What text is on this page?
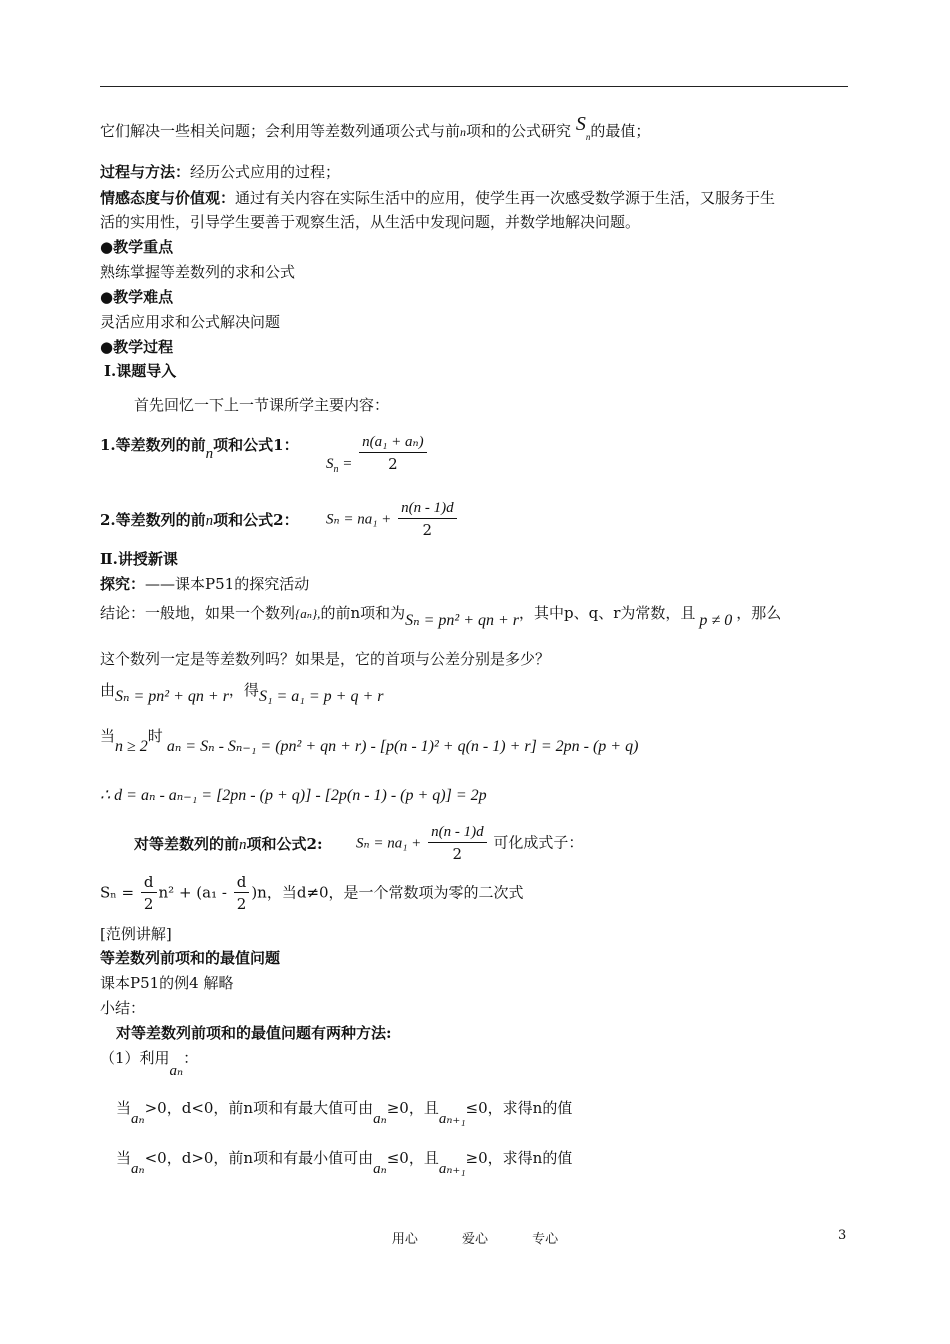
它们解决一些相关问题；会利用等差数列通项公式与前n项和的公式研究 $S_n$的最值；
过程与方法：经历公式应用的过程；
情感态度与价值观：通过有关内容在实际生活中的应用，使学生再一次感受数学源于生活，又服务于生
活的实用性，引导学生要善于观察生活，从生活中发现问题，并数学地解决问题。
●教学重点
熟练掌握等差数列的求和公式
●教学难点
灵活应用求和公式解决问题
●教学过程
Ⅰ.课题导入
首先回忆一下上一节课所学主要内容：
1.等差数列的前n项和公式1：
$S_n = \frac{\text{n(a₁ + aₙ)}}{2}$
2.等差数列的前n项和公式2： $S_n = na_1 + \frac{n(n - 1)d}{2}$
Ⅱ.讲授新课
探究：——课本P51的探究活动
结论：一般地，如果一个数列{aₙ},的前n项和为Sₙ = pn² + qn + r，其中p、q、r为常数，且 p ≠ 0 ，那么
这个数列一定是等差数列吗？如果是，它的首项与公差分别是多少？
由Sₙ = pn² + qn + r，得S₁ = a₁ = p + q + r
当n ≥ 2时aₙ = Sₙ - Sₙ₋₁ = (pn² + qn + r) - [p(n - 1)² + q(n - 1) + r] = 2pn - (p + q)
∴ d = aₙ - aₙ₋₁ = [2pn - (p + q)] - [2p(n - 1) - (p + q)] = 2p
对等差数列的前n项和公式2: $S_n = na_1 + \frac{n(n - 1)d}{2}$ 可化成式子：
$S_n = \frac{d}{2} n^2 + (a_1 - \frac{d}{2} )n$，当d≠0，是一个常数项为零的二次式
[范例讲解]
等差数列前项和的最值问题
课本P51的例4 解略
小结：
对等差数列前项和的最值问题有两种方法:
（1）利用aₙ：
当aₙ>0，d<0，前n项和有最大值可由aₙ≥0，且aₙ₊₁≤0，求得n的值
当aₙ<0，d>0，前n项和有最小值可由aₙ≤0，且aₙ₊₁≥0，求得n的值
用心	爱心	专心	3
